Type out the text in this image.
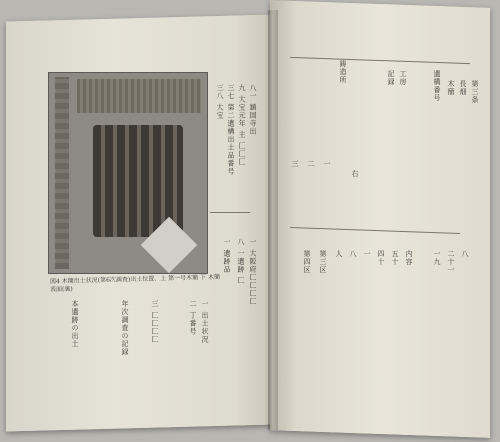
図4 木簡出土状況(第6次調査)出土位置、上 第一号木簡 下 木簡表面(裏)
八一 鎮国寺出
九 大宝元年 主 匚匚匚
三七 第二遺構出土品番号
三八 大宝
一 大阪府匚匚匚匚
八 一遺跡 匚
一 遺跡品
一 出土状況
二 丁番号
三 匚匚匚匚
年次調査の記録
本遺跡の出土
第三条
長畑
木簡
遺構番号
工房
記録
右
鋳造所
一
二
三
八
二十一
一九
内容
五十
四十
一
八
人
第三区
第四区
